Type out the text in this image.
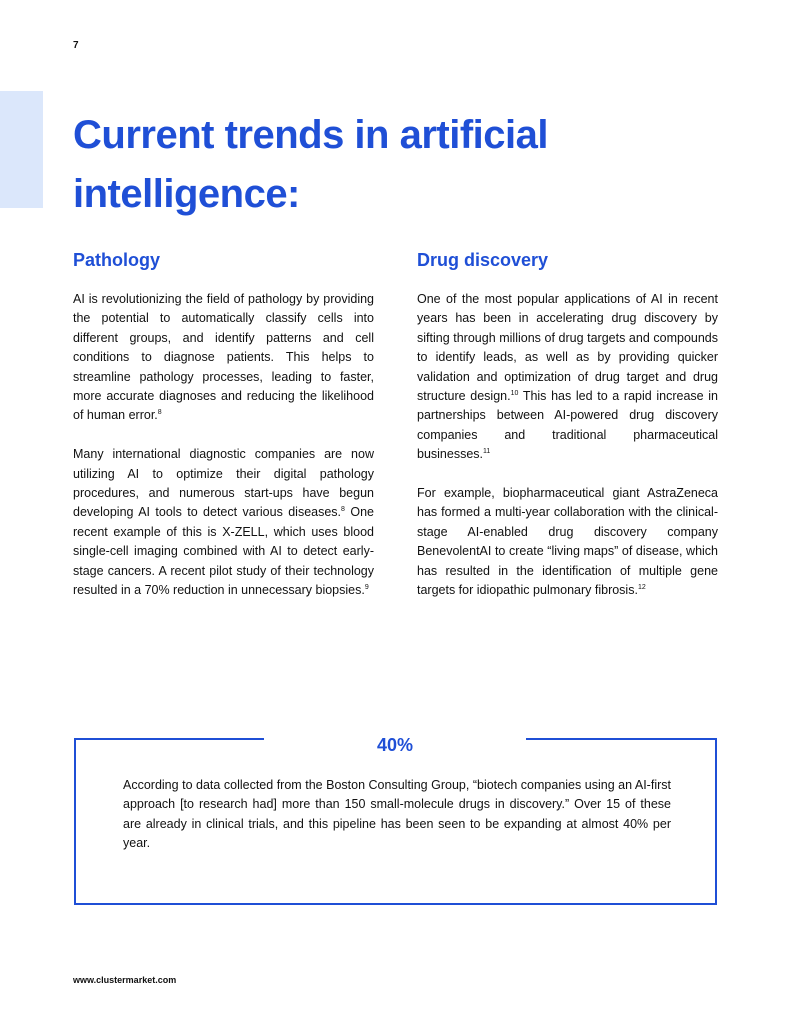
7
Current trends in artificial intelligence:
Pathology

AI is revolutionizing the field of pathology by providing the potential to automatically classify cells into different groups, and identify patterns and cell conditions to diagnose patients. This helps to streamline pathology processes, leading to faster, more accurate diagnoses and reducing the likelihood of human error.$^8$

Many international diagnostic companies are now utilizing AI to optimize their digital pathology procedures, and numerous start-ups have begun developing AI tools to detect various diseases.$^8$ One recent example of this is X-ZELL, which uses blood single-cell imaging combined with AI to detect early-stage cancers. A recent pilot study of their technology resulted in a 70% reduction in unnecessary biopsies.$^9$

Drug discovery

One of the most popular applications of AI in recent years has been in accelerating drug discovery by sifting through millions of drug targets and compounds to identify leads, as well as by providing quicker validation and optimization of drug target and drug structure design.$^{10}$ This has led to a rapid increase in partnerships between AI-powered drug discovery companies and traditional pharmaceutical businesses.$^{11}$

For example, biopharmaceutical giant AstraZeneca has formed a multi-year collaboration with the clinical-stage AI-enabled drug discovery company BenevolentAI to create “living maps” of disease, which has resulted in the identification of multiple gene targets for idiopathic pulmonary fibrosis.$^{12}$

40%

According to data collected from the Boston Consulting Group, “biotech companies using an AI-first approach [to research had] more than 150 small-molecule drugs in discovery.” Over 15 of these are already in clinical trials, and this pipeline has been seen to be expanding at almost 40% per year.

www.clustermarket.com
